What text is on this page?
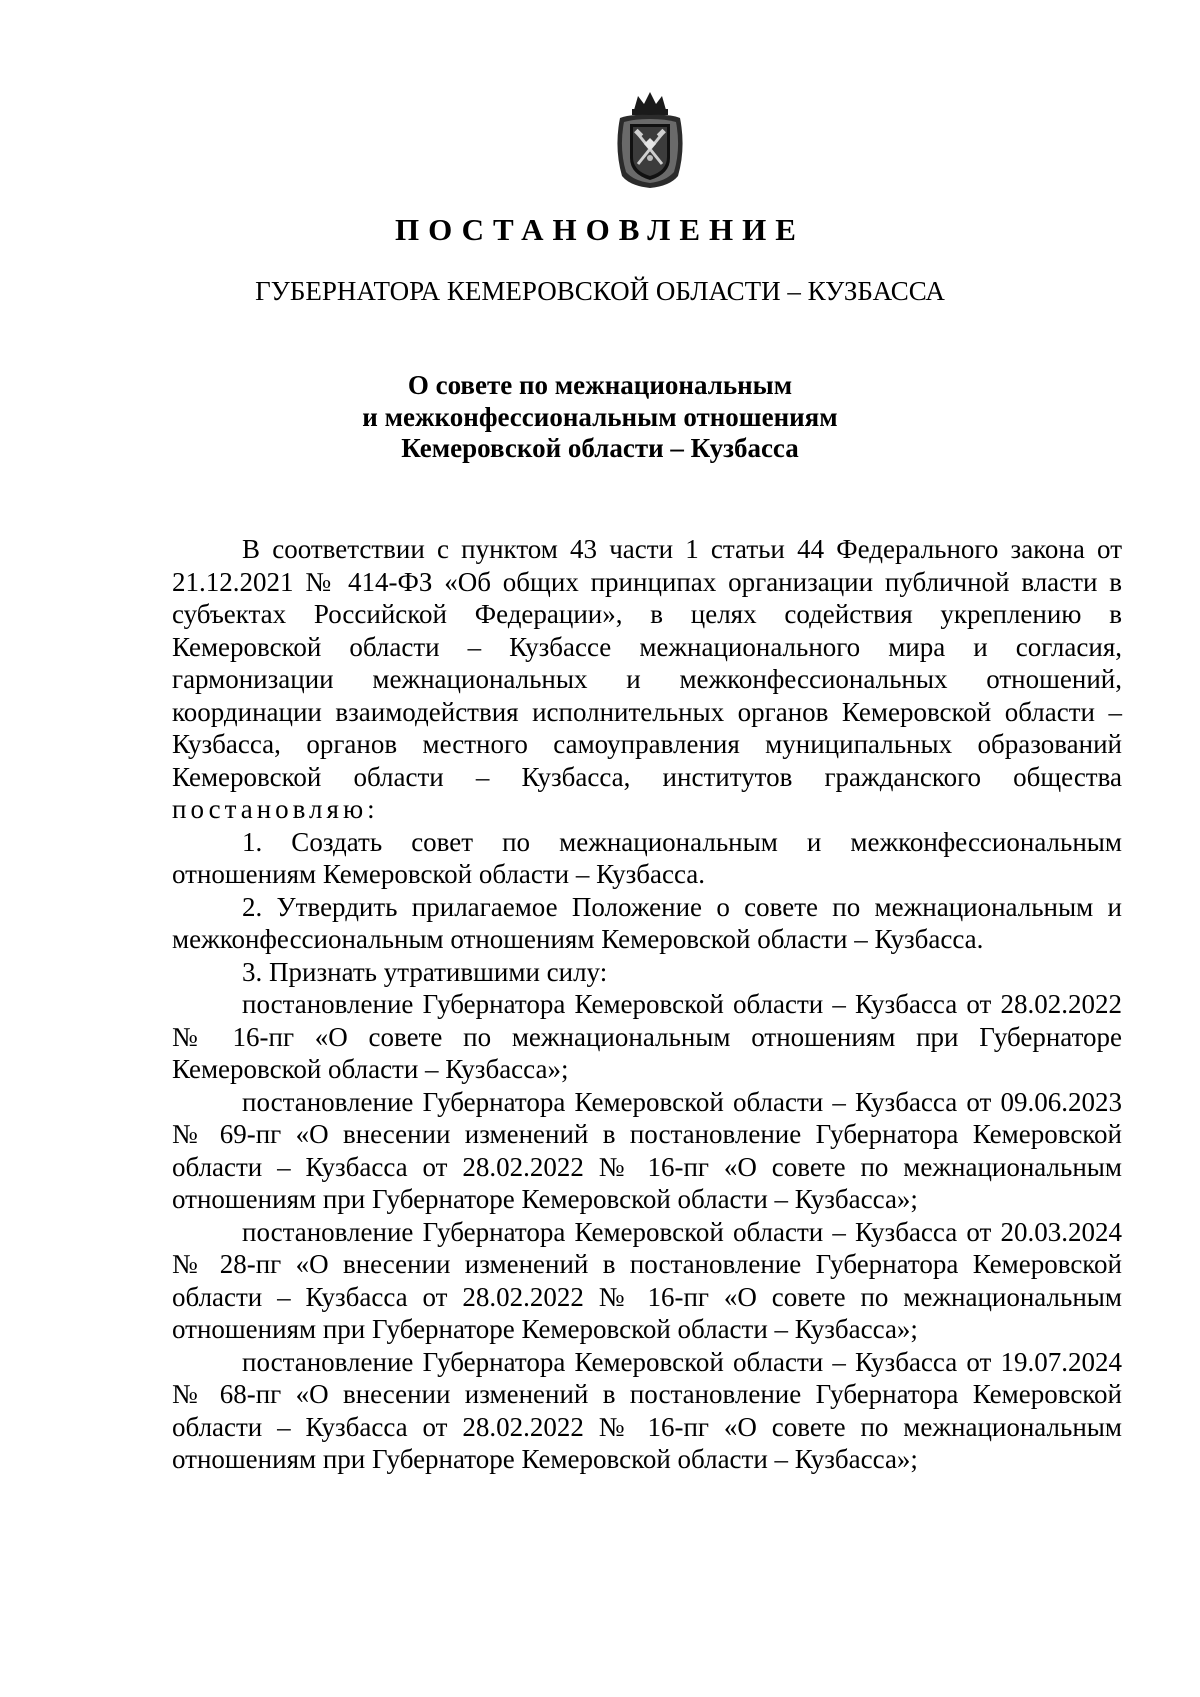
ПОСТАНОВЛЕНИЕ
ГУБЕРНАТОРА КЕМЕРОВСКОЙ ОБЛАСТИ – КУЗБАССА
О совете по межнациональным
и межконфессиональным отношениям
Кемеровской области – Кузбасса

В соответствии с пунктом 43 части 1 статьи 44 Федерального закона от 21.12.2021 № 414-ФЗ «Об общих принципах организации публичной власти в субъектах Российской Федерации», в целях содействия укреплению в Кемеровской области – Кузбассе межнационального мира и согласия, гармонизации межнациональных и межконфессиональных отношений, координации взаимодействия исполнительных органов Кемеровской области – Кузбасса, органов местного самоуправления муниципальных образований Кемеровской области – Кузбасса, институтов гражданского общества постановляю:

1. Создать совет по межнациональным и межконфессиональным отношениям Кемеровской области – Кузбасса.

2. Утвердить прилагаемое Положение о совете по межнациональным и межконфессиональным отношениям Кемеровской области – Кузбасса.

3. Признать утратившими силу:

постановление Губернатора Кемеровской области – Кузбасса от 28.02.2022 № 16-пг «О совете по межнациональным отношениям при Губернаторе Кемеровской области – Кузбасса»;

постановление Губернатора Кемеровской области – Кузбасса от 09.06.2023 № 69-пг «О внесении изменений в постановление Губернатора Кемеровской области – Кузбасса от 28.02.2022 № 16-пг «О совете по межнациональным отношениям при Губернаторе Кемеровской области – Кузбасса»;

постановление Губернатора Кемеровской области – Кузбасса от 20.03.2024 № 28-пг «О внесении изменений в постановление Губернатора Кемеровской области – Кузбасса от 28.02.2022 № 16-пг «О совете по межнациональным отношениям при Губернаторе Кемеровской области – Кузбасса»;

постановление Губернатора Кемеровской области – Кузбасса от 19.07.2024 № 68-пг «О внесении изменений в постановление Губернатора Кемеровской области – Кузбасса от 28.02.2022 № 16-пг «О совете по межнациональным отношениям при Губернаторе Кемеровской области – Кузбасса»;
